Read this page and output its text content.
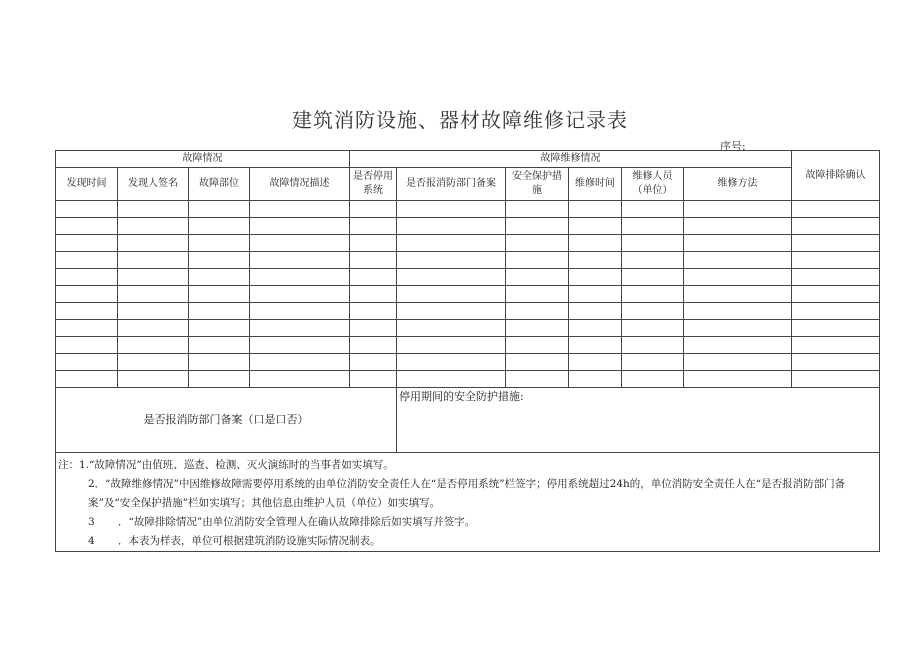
建筑消防设施、器材故障维修记录表
序号:
故障情况				故障维修情况						故障排除确认
发现时间	发现人签名	故障部位	故障情况描述	是否停用系统	是否报消防部门备案	安全保护措施	维修时间	维修人员（单位）	维修方法	

是否报消防部门备案（口是口否）					停用期间的安全防护措施:					

注：1.“故障情况”由值班、巡查、检测、灭火演练时的当事者如实填写。
2．“故障维修情况”中因维修故障需要停用系统的由单位消防安全责任人在“是否停用系统”栏签字；停用系统超过24h的，单位消防安全责任人在“是否报消防部门备案”及“安全保护措施”栏如实填写；其他信息由维护人员（单位）如实填写。
3 ．“故障排除情况”由单位消防安全管理人在确认故障排除后如实填写并签字。
4 ．本表为样表，单位可根据建筑消防设施实际情况制表。										
